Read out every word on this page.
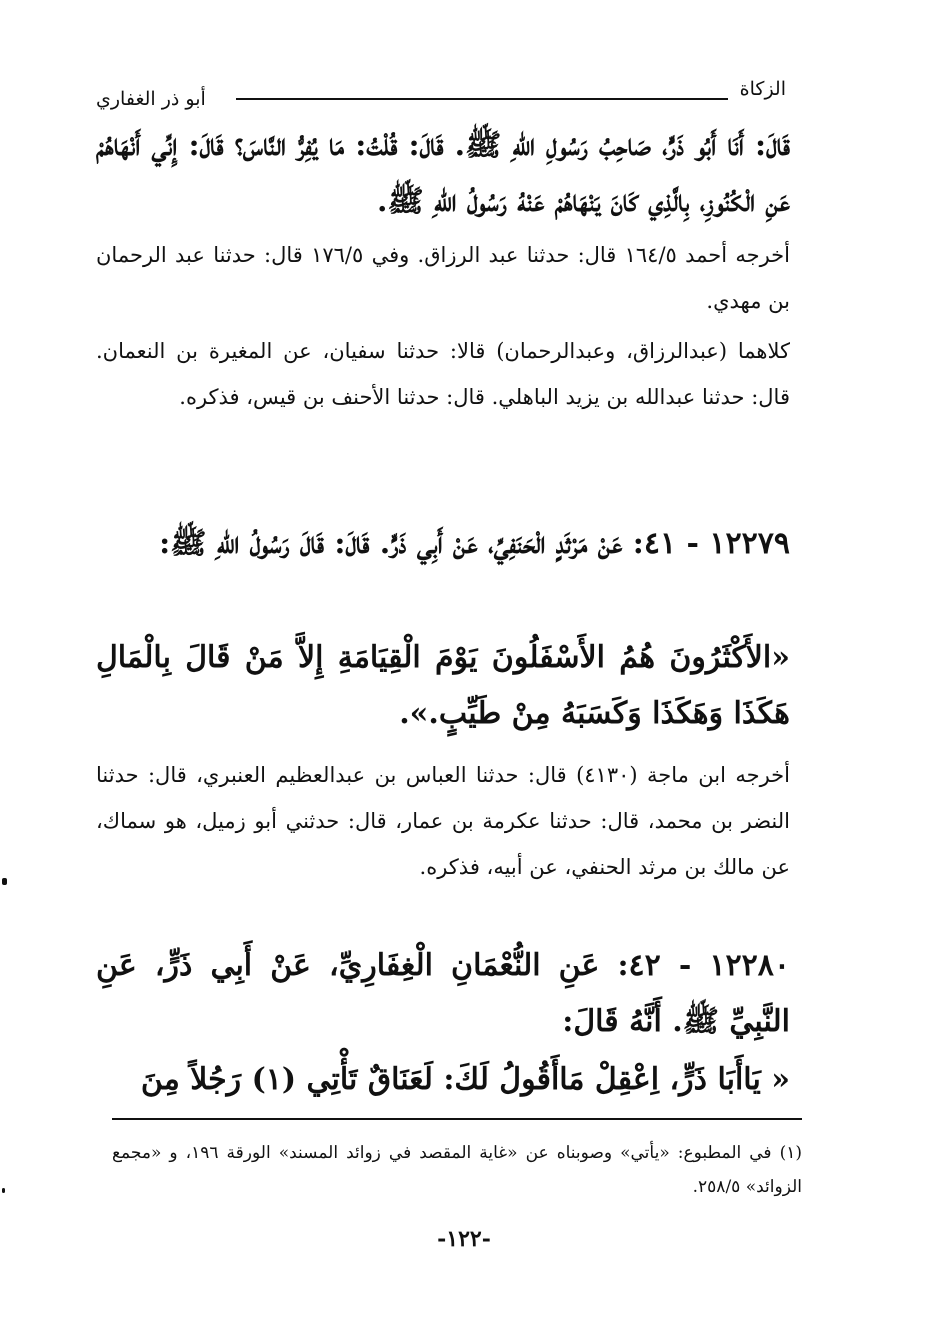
الزكاة
أبو ذر الغفاري
قَالَ: أَنَا أَبُو ذَرٍّ، صَاحِبُ رَسُولِ اللهِ ﷺ. قَالَ: قُلْتُ: مَا يُفِرُّ النَّاسَ؟ قَالَ: إِنِّي أَنْهَاهُمْ عَنِ الْكُنُوزِ، بِالَّذِي كَانَ يَنْهَاهُمْ عَنْهُ رَسُولُ اللهِ ﷺ.
أخرجه أحمد ١٦٤/٥ قال: حدثنا عبد الرزاق. وفي ١٧٦/٥ قال: حدثنا عبد الرحمان بن مهدي.
كلاهما (عبدالرزاق، وعبدالرحمان) قالا: حدثنا سفيان، عن المغيرة بن النعمان. قال: حدثنا عبدالله بن يزيد الباهلي. قال: حدثنا الأحنف بن قيس، فذكره.
١٢٢٧٩ - ٤١: عَنْ مَرْثَدٍ الْحَنَفِيِّ، عَنْ أَبِي ذَرٍّ. قَالَ: قَالَ رَسُولُ اللهِ ﷺ:
«الأَكْثَرُونَ هُمُ الأَسْفَلُونَ يَوْمَ الْقِيَامَةِ إِلاَّ مَنْ قَالَ بِالْمَالِ هَكَذَا وَهَكَذَا وَكَسَبَهُ مِنْ طَيِّبٍ.».
أخرجه ابن ماجة (٤١٣٠) قال: حدثنا العباس بن عبدالعظيم العنبري، قال: حدثنا النضر بن محمد، قال: حدثنا عكرمة بن عمار، قال: حدثني أبو زميل، هو سماك، عن مالك بن مرثد الحنفي، عن أبيه، فذكره.
١٢٢٨٠ - ٤٢: عَنِ النُّعْمَانِ الْغِفَارِيِّ، عَنْ أَبِي ذَرٍّ، عَنِ النَّبِيِّ ﷺ. أَنَّهُ قَالَ:
« يَاأَبَا ذَرٍّ، اِعْقِلْ مَاأَقُولُ لَكَ: لَعَنَاقٌ تَأْتِي (١) رَجُلاً مِنَ
(١) في المطبوع: «يأتي» وصوبناه عن «غاية المقصد في زوائد المسند» الورقة ١٩٦، و «مجمع الزوائد» ٢٥٨/٥.
-١٢٢-
